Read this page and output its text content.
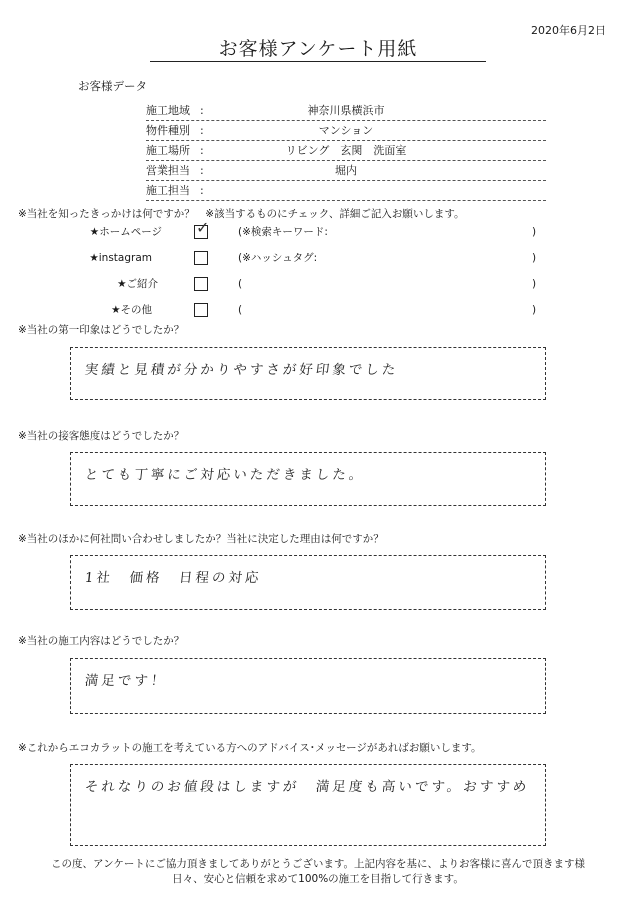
2020年6月2日
お客様アンケート用紙
お客様データ
施工地域 :	神奈川県横浜市
物件種別 :	マンション
施工場所 :	リビング　玄関　洗面室
営業担当 :	堀内
施工担当 :
※当社を知ったきっかけは何ですか？　※該当するものにチェック、詳細ご記入お願いします。
★ホームページ ✓	(※検索キーワード:	)
★instagram	(※ハッシュタグ:	)
★ご紹介	(	)
★その他	(	)
※当社の第一印象はどうでしたか？
実績と見積が分かりやすさが好印象でした
※当社の接客態度はどうでしたか？
とても丁寧にご対応いただきました。
※当社のほかに何社問い合わせしましたか？当社に決定した理由は何ですか？
1社　価格　日程の対応
※当社の施工内容はどうでしたか？
満足です！
※これからエコカラットの施工を考えている方へのアドバイス･メッセージがあればお願いします。
それなりのお値段はしますが　満足度も高いです。おすすめ
この度、アンケートにご協力頂きましてありがとうございます。上記内容を基に、よりお客様に喜んで頂きます様
日々、安心と信頼を求めて100%の施工を目指して行きます。
